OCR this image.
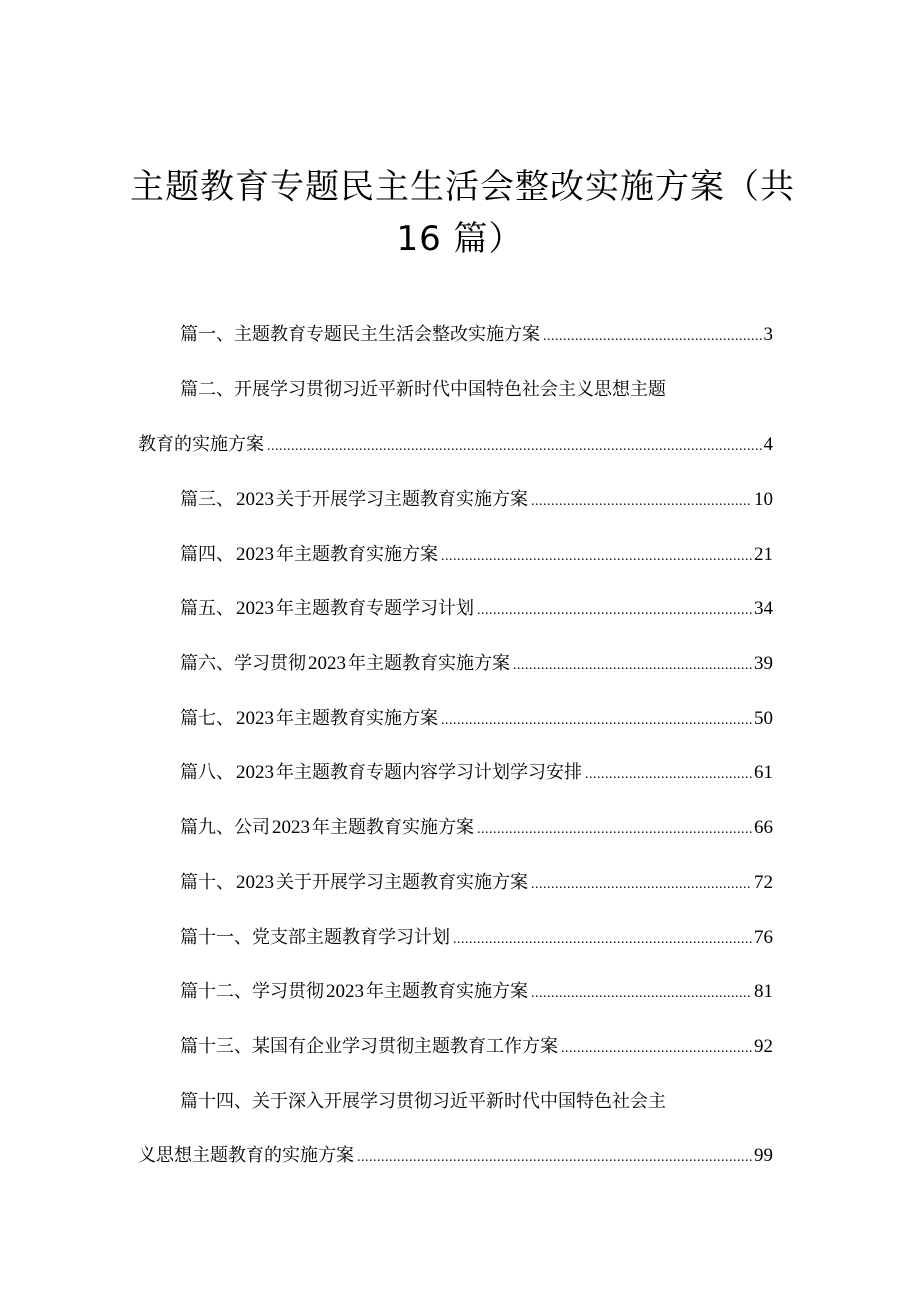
主题教育专题民主生活会整改实施方案（共
16 篇）
篇一、主题教育专题民主生活会整改实施方案 .....	3
篇二、开展学习贯彻习近平新时代中国特色社会主义思想主题
教育的实施方案 .....	4
篇三、 2023 关于开展学习主题教育实施方案 .....	10
篇四、 2023 年主题教育实施方案 .....	21
篇五、 2023 年主题教育专题学习计划 .....	34
篇六、学习贯彻 2023 年主题教育实施方案 .....	39
篇七、 2023 年主题教育实施方案 .....	50
篇八、 2023 年主题教育专题内容学习计划学习安排 .....	61
篇九、公司 2023 年主题教育实施方案 .....	66
篇十、 2023 关于开展学习主题教育实施方案 .....	72
篇十一、党支部主题教育学习计划 .....	76
篇十二、学习贯彻 2023 年主题教育实施方案 .....	81
篇十三、某国有企业学习贯彻主题教育工作方案 .....	92
篇十四、关于深入开展学习贯彻习近平新时代中国特色社会主
义思想主题教育的实施方案 .....	99
